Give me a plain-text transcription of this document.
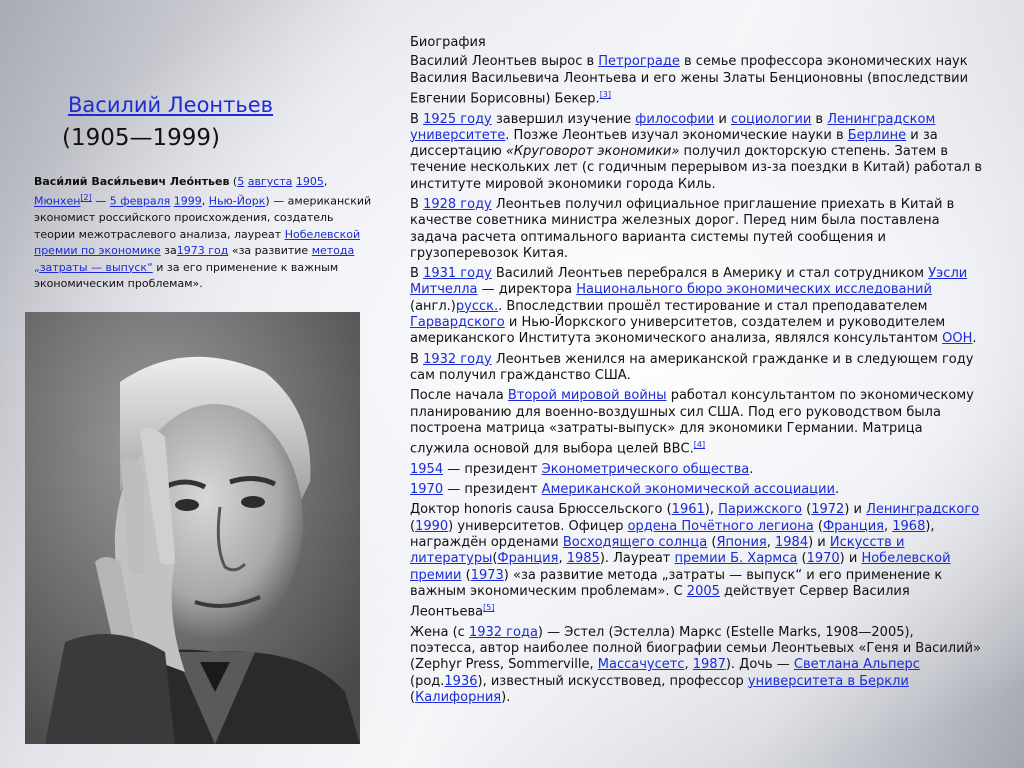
Василий Леонтьев
(1905—1999)
Васи́лий Васи́льевич Лео́нтьев (5 августа 1905, Мюнхен[2] — 5 февраля 1999, Нью-Йорк) — американский экономист российского происхождения, создатель теории межотраслевого анализа, лауреат Нобелевской премии по экономике за1973 год «за развитие метода „затраты — выпуск“ и за его применение к важным экономическим проблемам».
Биография

Василий Леонтьев вырос в Петрограде в семье профессора экономических наук Василия Васильевича Леонтьева и его жены Златы Бенционовны (впоследствии Евгении Борисовны) Бекер.[3]

В 1925 году завершил изучение философии и социологии в Ленинградском университете. Позже Леонтьев изучал экономические науки в Берлине и за диссертацию «Круговорот экономики» получил докторскую степень. Затем в течение нескольких лет (с годичным перерывом из-за поездки в Китай) работал в институте мировой экономики города Киль.

В 1928 году Леонтьев получил официальное приглашение приехать в Китай в качестве советника министра железных дорог. Перед ним была поставлена задача расчета оптимального варианта системы путей сообщения и грузоперевозок Китая.

В 1931 году Василий Леонтьев перебрался в Америку и стал сотрудником Уэсли Митчелла — директора Национального бюро экономических исследований (англ.)русск.. Впоследствии прошёл тестирование и стал преподавателем Гарвардского и Нью-Йоркского университетов, создателем и руководителем американского Института экономического анализа, являлся консультантом ООН.

В 1932 году Леонтьев женился на американской гражданке и в следующем году сам получил гражданство США.

После начала Второй мировой войны работал консультантом по экономическому планированию для военно-воздушных сил США. Под его руководством была построена матрица «затраты-выпуск» для экономики Германии. Матрица служила основой для выбора целей ВВС.[4]

1954 — президент Эконометрического общества.

1970 — президент Американской экономической ассоциации.

Доктор honoris causa Брюссельского (1961), Парижского (1972) и Ленинградского (1990) университетов. Офицер ордена Почётного легиона (Франция, 1968), награждён орденами Восходящего солнца (Япония, 1984) и Искусств и литературы(Франция, 1985). Лауреат премии Б. Хармса (1970) и Нобелевской премии (1973) «за развитие метода „затраты — выпуск“ и его применение к важным экономическим проблемам». С 2005 действует Сервер Василия Леонтьева[5]

Жена (с 1932 года) — Эстел (Эстелла) Маркс (Estelle Marks, 1908—2005), поэтесса, автор наиболее полной биографии семьи Леонтьевых «Геня и Василий» (Zephyr Press, Sommerville, Массачусетс, 1987). Дочь — Светлана Альперс (род.1936), известный искусствовед, профессор университета в Беркли (Калифорния).
